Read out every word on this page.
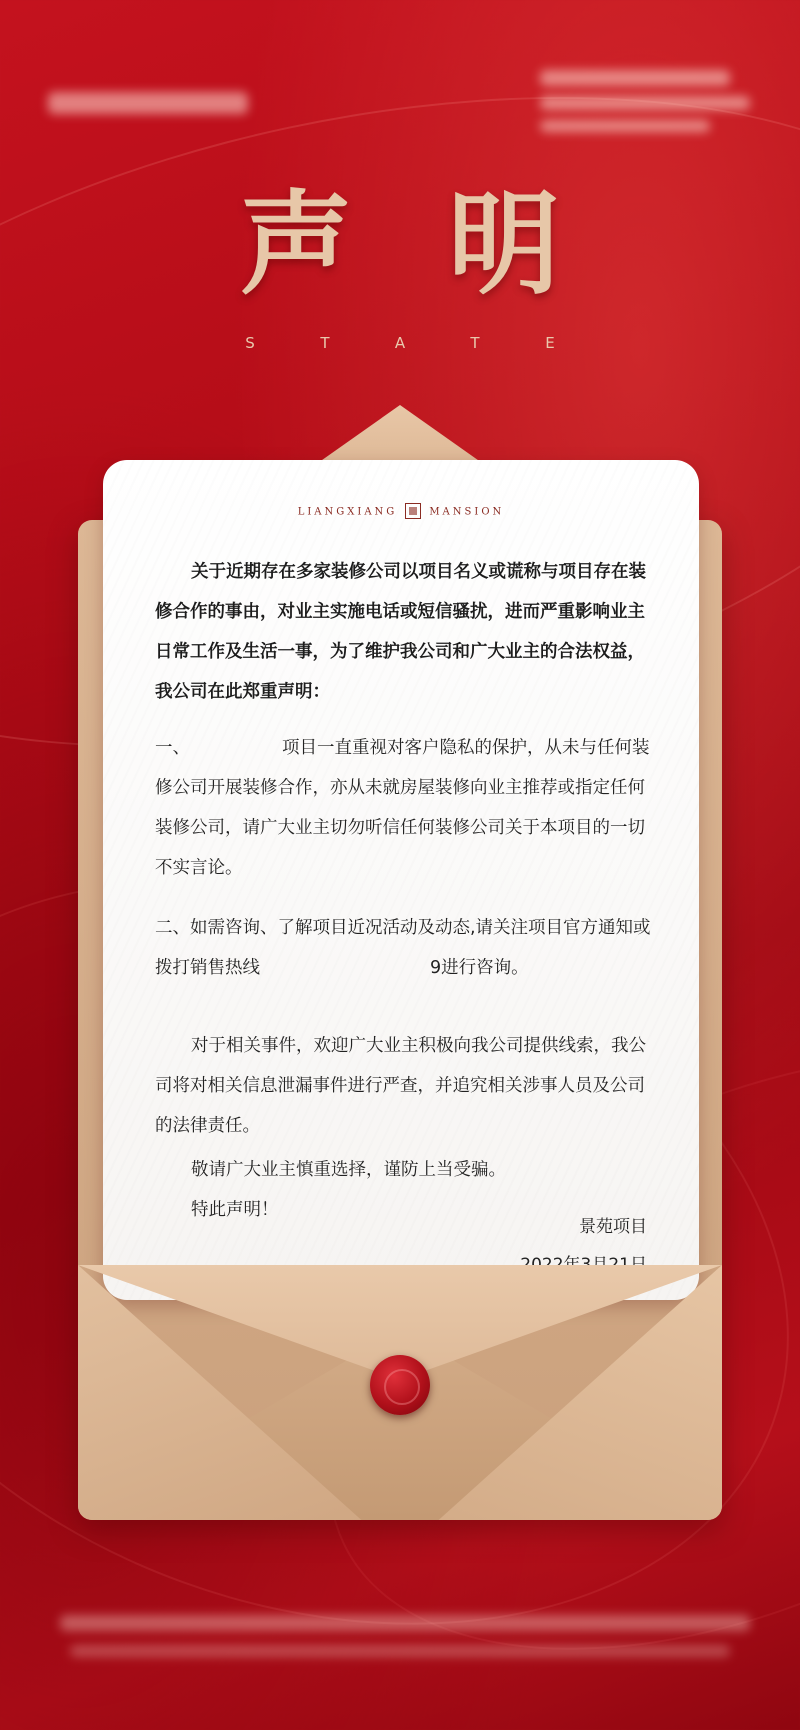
声明
S	T	A	T	E
LIANGXIANG	MANSION
关于近期存在多家装修公司以项目名义或谎称与项目存在装修合作的事由，对业主实施电话或短信骚扰，进而严重影响业主日常工作及生活一事，为了维护我公司和广大业主的合法权益，我公司在此郑重声明：
一、	项目一直重视对客户隐私的保护，从未与任何装修公司开展装修合作，亦从未就房屋装修向业主推荐或指定任何装修公司，请广大业主切勿听信任何装修公司关于本项目的一切不实言论。
二、如需咨询、了解项目近况活动及动态,请关注项目官方通知或拨打销售热线	9进行咨询。
对于相关事件，欢迎广大业主积极向我公司提供线索，我公司将对相关信息泄漏事件进行严查，并追究相关涉事人员及公司的法律责任。
敬请广大业主慎重选择，谨防上当受骗。
特此声明！
景苑项目
